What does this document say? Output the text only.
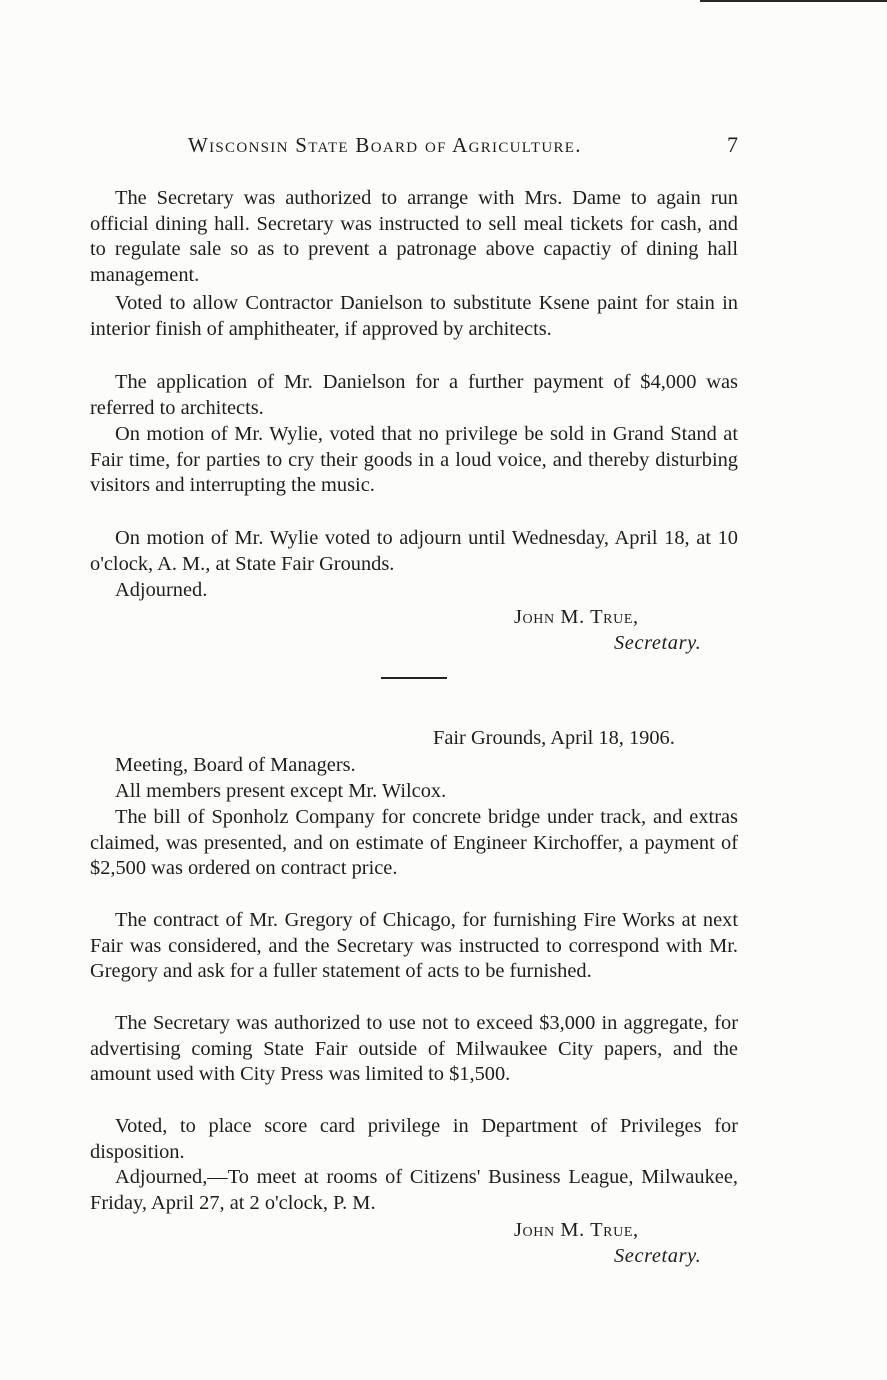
Wisconsin State Board of Agriculture.	7

The Secretary was authorized to arrange with Mrs. Dame to again run official dining hall. Secretary was instructed to sell meal tickets for cash, and to regulate sale so as to prevent a patronage above capactiy of dining hall management.

Voted to allow Contractor Danielson to substitute Ksene paint for stain in interior finish of amphitheater, if approved by architects.

The application of Mr. Danielson for a further payment of $4,000 was referred to architects.

On motion of Mr. Wylie, voted that no privilege be sold in Grand Stand at Fair time, for parties to cry their goods in a loud voice, and thereby disturbing visitors and interrupting the music.

On motion of Mr. Wylie voted to adjourn until Wednesday, April 18, at 10 o'clock, A. M., at State Fair Grounds.

Adjourned.

John M. True,
Secretary.
Fair Grounds, April 18, 1906.

Meeting, Board of Managers.

All members present except Mr. Wilcox.

The bill of Sponholz Company for concrete bridge under track, and extras claimed, was presented, and on estimate of Engineer Kirchoffer, a payment of $2,500 was ordered on contract price.

The contract of Mr. Gregory of Chicago, for furnishing Fire Works at next Fair was considered, and the Secretary was instructed to correspond with Mr. Gregory and ask for a fuller statement of acts to be furnished.

The Secretary was authorized to use not to exceed $3,000 in aggregate, for advertising coming State Fair outside of Milwaukee City papers, and the amount used with City Press was limited to $1,500.

Voted, to place score card privilege in Department of Privileges for disposition.

Adjourned,—To meet at rooms of Citizens' Business League, Milwaukee, Friday, April 27, at 2 o'clock, P. M.

John M. True,
Secretary.
